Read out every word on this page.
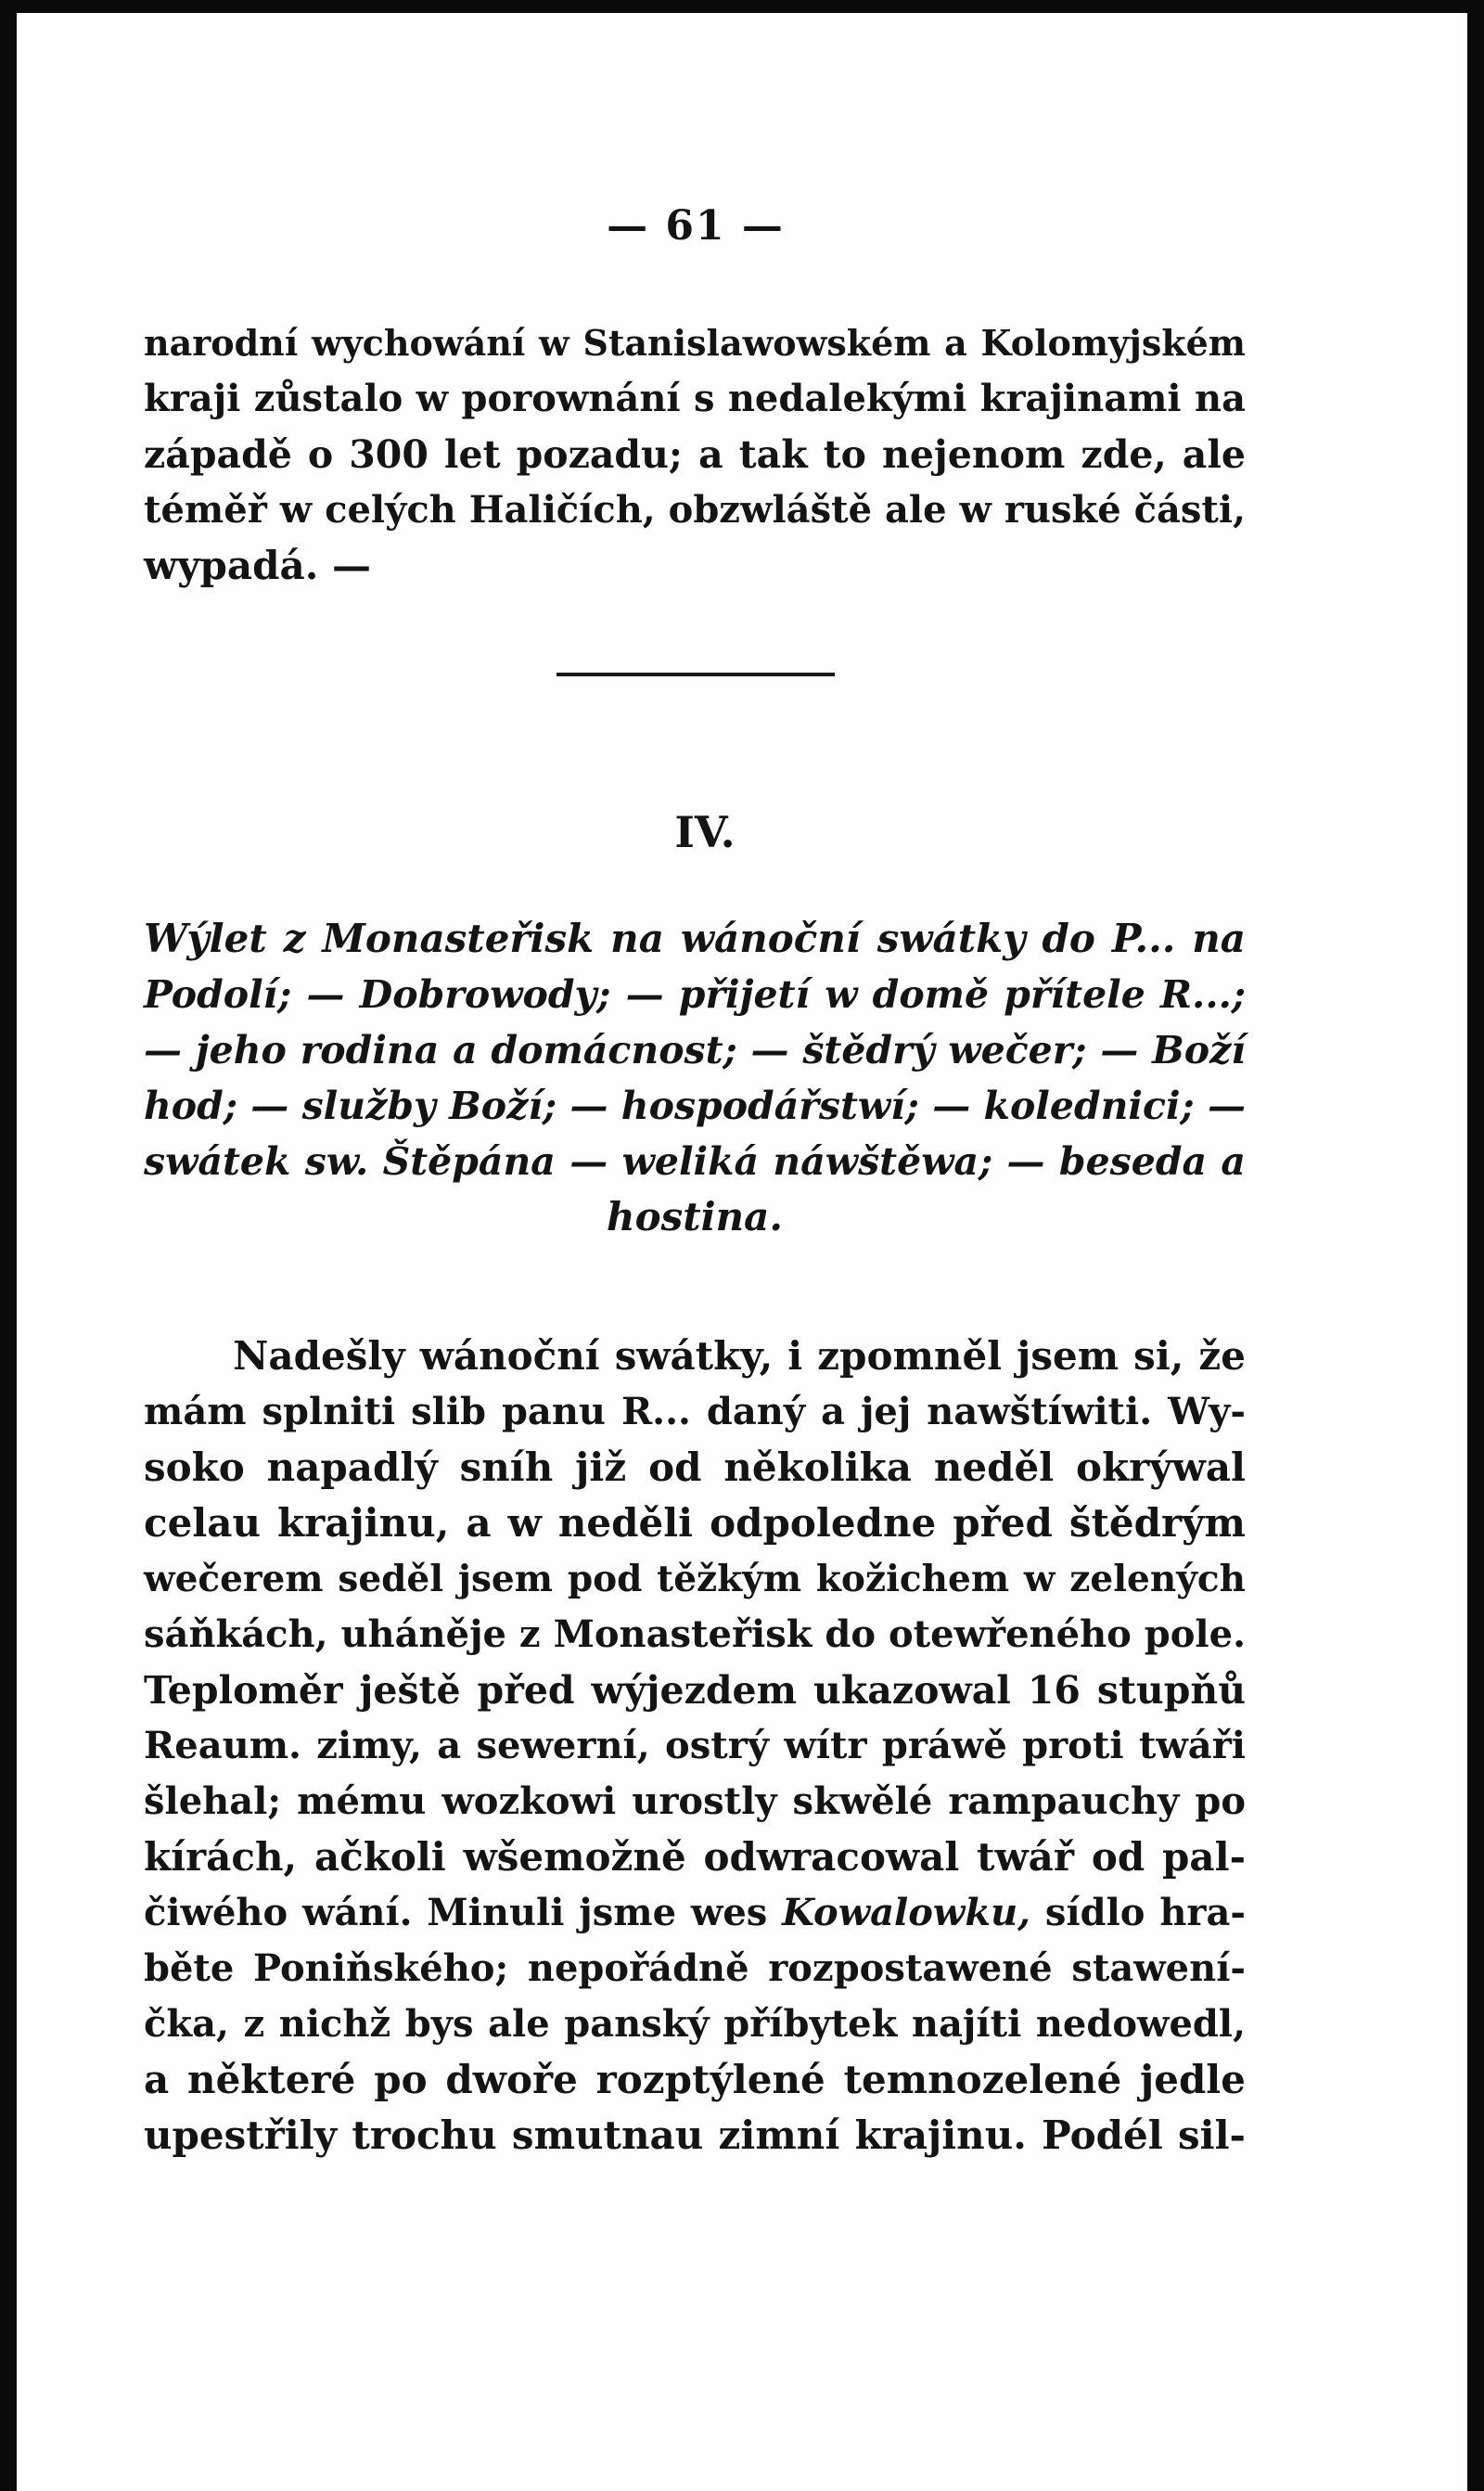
— 61 —
narodní wychowání w Stanislawowském a Kolomyjském
kraji zůstalo w porownání s nedalekými krajinami na
západě o 300 let pozadu; a tak to nejenom zde, ale
téměř w celých Haličích, obzwláště ale w ruské části,
wypadá. —
IV.
Wýlet z Monasteřisk na wánoční swátky do P... na
Podolí; — Dobrowody; — přijetí w domě přítele R...;
— jeho rodina a domácnost; — štědrý wečer; — Boží
hod; — služby Boží; — hospodářstwí; — kolednici; —
swátek sw. Štěpána — weliká náwštěwa; — beseda a
hostina.
Nadešly wánoční swátky, i zpomněl jsem si, že
mám splniti slib panu R... daný a jej nawštíwiti. Wy-
soko napadlý sníh již od několika neděl okrýwal
celau krajinu, a w neděli odpoledne před štědrým
wečerem seděl jsem pod těžkým kožichem w zelených
sáňkách, uháněje z Monasteřisk do otewřeného pole.
Teploměr ještě před wýjezdem ukazowal 16 stupňů
Reaum. zimy, a sewerní, ostrý wítr práwě proti twáři
šlehal; mému wozkowi urostly skwělé rampauchy po
kírách, ačkoli wšemožně odwracowal twář od pal-
čiwého wání. Minuli jsme wes Kowalowku, sídlo hra-
běte Poniňského; nepořádně rozpostawené stawení-
čka, z nichž bys ale panský příbytek najíti nedowedl,
a některé po dwoře rozptýlené temnozelené jedle
upestřily trochu smutnau zimní krajinu. Podél sil-
